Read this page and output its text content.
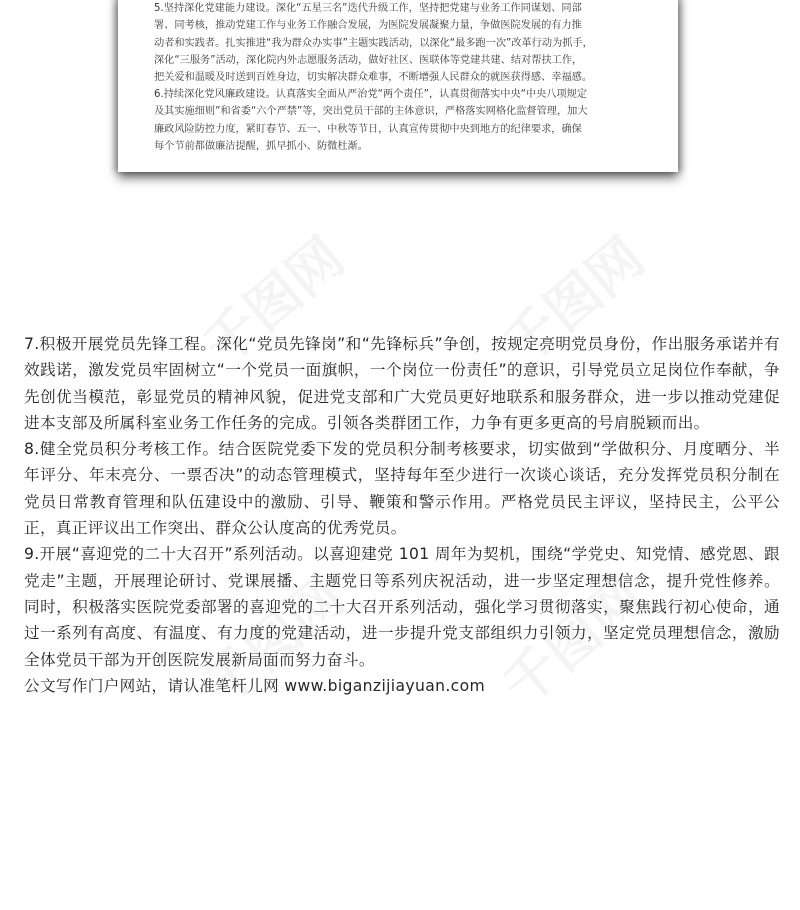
5.坚持深化党建能力建设。深化“五星三名”迭代升级工作，坚持把党建与业务工作同谋划、同部
署、同考核，推动党建工作与业务工作融合发展，为医院发展凝聚力量，争做医院发展的有力推
动者和实践者。扎实推进“我为群众办实事”主题实践活动，以深化“最多跑一次”改革行动为抓手，
深化“三服务”活动，深化院内外志愿服务活动，做好社区、医联体等党建共建、结对帮扶工作，
把关爱和温暖及时送到百姓身边，切实解决群众难事，不断增强人民群众的就医获得感、幸福感。
6.持续深化党风廉政建设。认真落实全面从严治党“两个责任”，认真贯彻落实中央“中央八项规定
及其实施细则”和省委“六个严禁”等，突出党员干部的主体意识，严格落实网格化监督管理，加大
廉政风险防控力度，紧盯春节、五一、中秋等节日，认真宣传贯彻中央到地方的纪律要求，确保
每个节前都做廉洁提醒，抓早抓小、防微杜渐。

7.积极开展党员先锋工程。深化“党员先锋岗”和“先锋标兵”争创，按规定亮明党员身份，作出服务承诺并有效践诺，激发党员牢固树立“一个党员一面旗帜，一个岗位一份责任”的意识，引导党员立足岗位作奉献，争先创优当模范，彰显党员的精神风貌，促进党支部和广大党员更好地联系和服务群众，进一步以推动党建促进本支部及所属科室业务工作任务的完成。引领各类群团工作，力争有更多更高的号肩脱颖而出。

8.健全党员积分考核工作。结合医院党委下发的党员积分制考核要求，切实做到“学做积分、月度晒分、半年评分、年末亮分、一票否决”的动态管理模式，坚持每年至少进行一次谈心谈话，充分发挥党员积分制在党员日常教育管理和队伍建设中的激励、引导、鞭策和警示作用。严格党员民主评议，坚持民主，公平公正，真正评议出工作突出、群众公认度高的优秀党员。

9.开展“喜迎党的二十大召开”系列活动。以喜迎建党 101 周年为契机，围绕“学党史、知党情、感党恩、跟党走”主题，开展理论研讨、党课展播、主题党日等系列庆祝活动，进一步坚定理想信念，提升党性修养。同时，积极落实医院党委部署的喜迎党的二十大召开系列活动，强化学习贯彻落实，聚焦践行初心使命，通过一系列有高度、有温度、有力度的党建活动，进一步提升党支部组织力引领力，坚定党员理想信念，激励全体党员干部为开创医院发展新局面而努力奋斗。

公文写作门户网站，请认准笔杆儿网 www.biganzijiayuan.com
